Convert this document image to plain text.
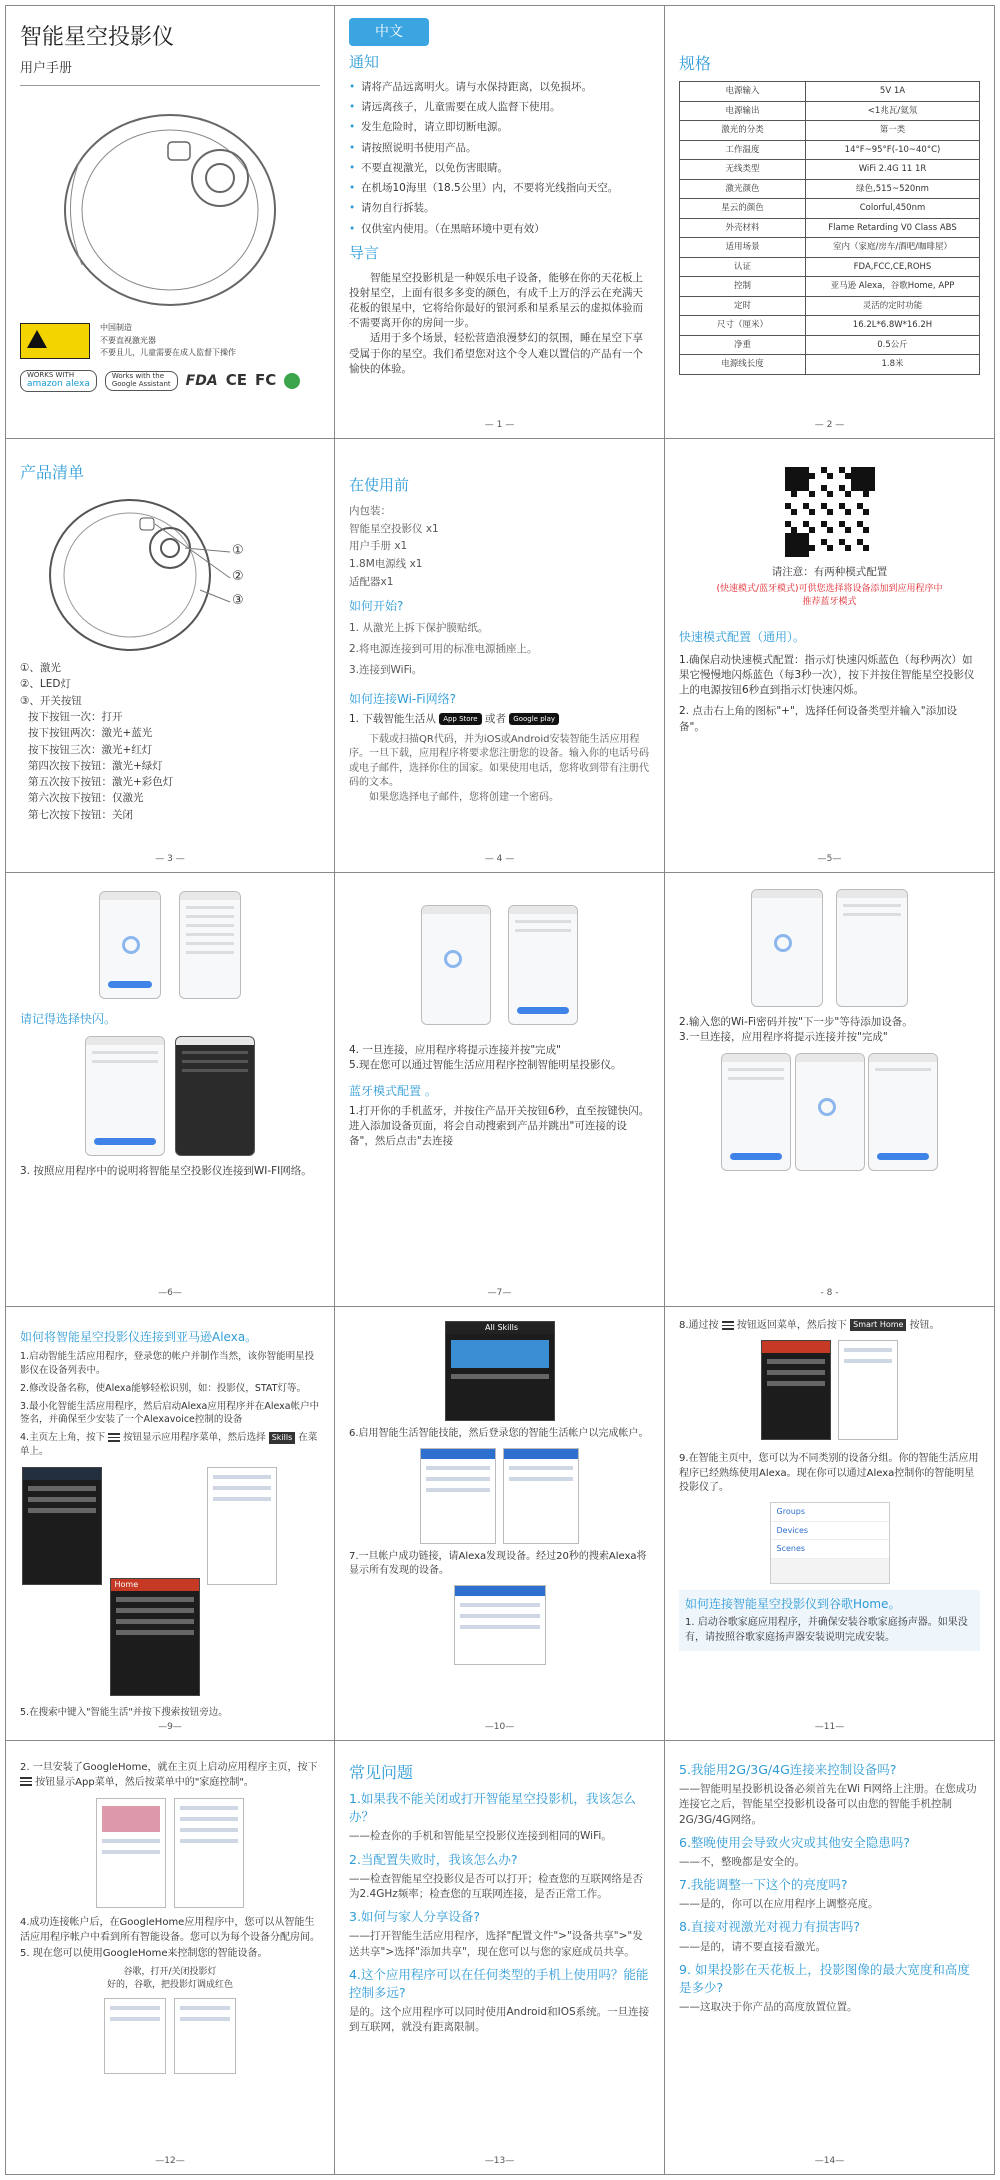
智能星空投影仪
用户手册
中国制造
不要直视激光器
不要且儿，儿童需要在成人监督下操作
WORKS WITH
amazon alexa
Works with the
Google Assistant FDA CE FC
中文
通知
• 请将产品远离明火。请与水保持距离，以免损坏。
• 请远离孩子，儿童需要在成人监督下使用。
• 发生危险时，请立即切断电源。
• 请按照说明书使用产品。
• 不要直视激光，以免伤害眼睛。
• 在机场10海里（18.5公里）内，不要将光线指向天空。
• 请勿自行拆装。
• 仅供室内使用。（在黑暗环境中更有效）
导言

智能星空投影机是一种娱乐电子设备，能够在你的天花板上投射星空，上面有很多多变的颜色，有成千上万的浮云在充满天花板的银星中，它将给你最好的银河系和星系星云的虚拟体验而不需要离开你的房间一步。

适用于多个场景，轻松营造浪漫梦幻的氛围，睡在星空下享受属于你的星空。我们希望您对这个令人难以置信的产品有一个愉快的体验。

— 1 —
规格
电源输入	5V 1A
电源输出	<1兆瓦/氦氖
激光的分类	第一类
工作温度	14°F~95°F(-10~40°C)
无线类型	WiFi 2.4G 11 1R
激光颜色	绿色,515~520nm
星云的颜色	Colorful,450nm
外壳材料	Flame Retarding V0 Class ABS
适用场景	室内（家庭/房车/酒吧/咖啡屋）
认证	FDA,FCC,CE,ROHS
控制	亚马逊 Alexa，谷歌Home, APP
定时	灵活的定时功能
尺寸（厘米）	16.2L*6.8W*16.2H
净重	0.5公斤
电源线长度	1.8米
— 2 —
产品清单
①
②
③
①、激光
②、LED灯
③、开关按钮
按下按钮一次：打开
按下按钮两次：激光+蓝光
按下按钮三次：激光+红灯
第四次按下按钮：激光+绿灯
第五次按下按钮：激光+彩色灯
第六次按下按钮：仅激光
第七次按下按钮：关闭
— 3 —
在使用前
内包装：
智能星空投影仪 x1
用户手册 x1
1.8M电源线 x1
适配器x1
如何开始?
1. 从激光上拆下保护膜贴纸。
2.将电源连接到可用的标准电源插座上。
3.连接到WiFi。
如何连接Wi-Fi网络?
1. 下载智能生活从 App Store 或者 Google play

下载或扫描QR代码，并为iOS或Android安装智能生活应用程序。一旦下载，应用程序将要求您注册您的设备。输入你的电话号码或电子邮件，选择你住的国家。如果使用电话，您将收到带有注册代码的文本。

如果您选择电子邮件，您将创建一个密码。

— 4 —
请注意：有两种模式配置
(快速模式/蓝牙模式)可供您选择将设备添加到应用程序中
推荐蓝牙模式
快速模式配置（通用）。

1.确保启动快速模式配置：指示灯快速闪烁蓝色（每秒两次）如果它慢慢地闪烁蓝色（每3秒一次），按下并按住智能星空投影仪上的电源按钮6秒直到指示灯快速闪烁。

2. 点击右上角的图标"+"，选择任何设备类型并输入"添加设备"。

—5—

请记得选择快闪。

3. 按照应用程序中的说明将智能星空投影仪连接到WI-FI网络。

—6—

4. 一旦连接，应用程序将提示连接并按"完成"

5.现在您可以通过智能生活应用程序控制智能明星投影仪。

蓝牙模式配置 。

1.打开你的手机蓝牙，并按住产品开关按钮6秒，直至按键快闪。进入添加设备页面，将会自动搜索到产品并跳出"可连接的设备"，然后点击"去连接

—7—

2.输入您的Wi-Fi密码并按"下一步"等待添加设备。

3.一旦连接，应用程序将提示连接并按"完成"

- 8 -
如何将智能星空投影仪连接到亚马逊Alexa。

1.启动智能生活应用程序，登录您的帐户并制作当然，该你智能明星投影仪在设备列表中。

2.修改设备名称，使Alexa能够轻松识别，如：投影仪，STAT灯等。

3.最小化智能生活应用程序，然后启动Alexa应用程序并在Alexa帐户中签名，并确保至少安装了一个Alexavoice控制的设备

4.主页左上角，按下 按钮显示应用程序菜单，然后选择 Skills 在菜单上。

Home

5.在搜索中键入"智能生活"并按下搜索按钮旁边。

—9—
All Skills

6.启用智能生活智能技能，然后登录您的智能生活帐户以完成帐户。

7.一旦帐户成功链接，请Alexa发现设备。经过20秒的搜索Alexa将显示所有发现的设备。

—10—

8.通过按 按钮返回菜单，然后按下 Smart Home 按钮。

9.在智能主页中，您可以为不同类别的设备分组。你的智能生活应用程序已经熟练使用Alexa。现在你可以通过Alexa控制你的智能明星投影仪了。

Groups
Devices
Scenes
如何连接智能星空投影仪到谷歌Home。

1. 启动谷歌家庭应用程序，并确保安装谷歌家庭扬声器。如果没有，请按照谷歌家庭扬声器安装说明完成安装。

—11—

2. 一旦安装了GoogleHome，就在主页上启动应用程序主页，按下  按钮显示App菜单，然后按菜单中的"家庭控制"。

4.成功连接帐户后，在GoogleHome应用程序中，您可以从智能生活应用程序帐户中看到所有智能设备。您可以为每个设备分配房间。

5. 现在您可以使用GoogleHome来控制您的智能设备。

谷歌，打开/关闭投影灯
好的，谷歌，把投影灯调成红色

—12—
常见问题
1.如果我不能关闭或打开智能星空投影机，我该怎么办？

——检查你的手机和智能星空投影仪连接到相同的WiFi。

2.当配置失败时，我该怎么办?

——检查智能星空投影仪是否可以打开；检查您的互联网络是否为2.4GHz频率；检查您的互联网连接，是否正常工作。

3.如何与家人分享设备?

——打开智能生活应用程序，选择"配置文件">"设备共享">"发送共享">选择"添加共享"，现在您可以与您的家庭成员共享。

4.这个应用程序可以在任何类型的手机上使用吗？能能控制多远?

是的。这个应用程序可以同时使用Android和IOS系统。一旦连接到互联网，就没有距离限制。

—13—
5.我能用2G/3G/4G连接来控制设备吗?

——智能明星投影机设备必须首先在Wi Fi网络上注册。在您成功连接它之后，智能星空投影机设备可以由您的智能手机控制2G/3G/4G网络。

6.整晚使用会导致火灾或其他安全隐患吗?

——不，整晚都是安全的。

7.我能调整一下这个的亮度吗?

——是的，你可以在应用程序上调整亮度。

8.直接对视激光对视力有损害吗?

——是的，请不要直接看激光。

9. 如果投影在天花板上，投影图像的最大宽度和高度是多少?

——这取决于你产品的高度放置位置。

—14—
